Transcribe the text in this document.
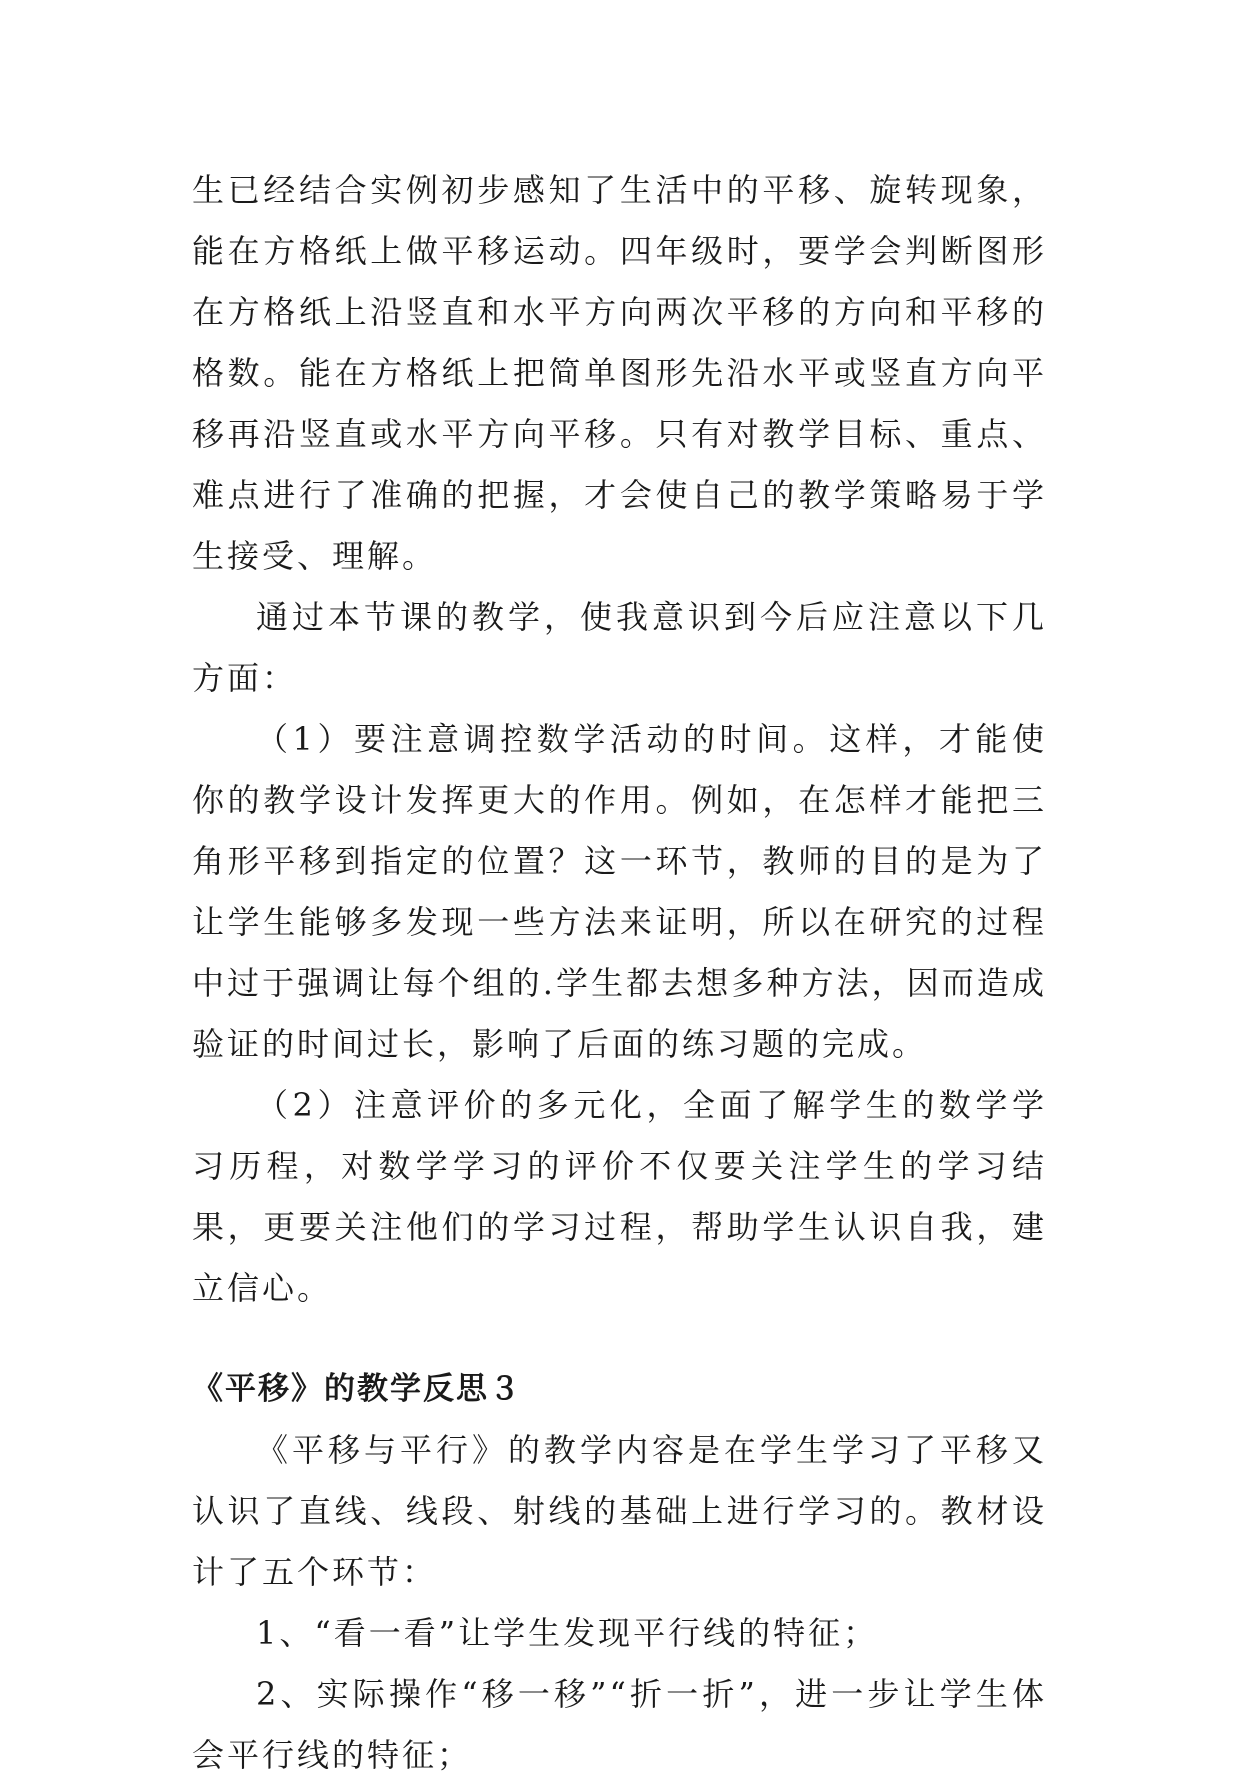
生已经结合实例初步感知了生活中的平移、旋转现象，能在方格纸上做平移运动。四年级时，要学会判断图形在方格纸上沿竖直和水平方向两次平移的方向和平移的格数。能在方格纸上把简单图形先沿水平或竖直方向平移再沿竖直或水平方向平移。只有对教学目标、重点、难点进行了准确的把握，才会使自己的教学策略易于学生接受、理解。

通过本节课的教学，使我意识到今后应注意以下几方面：

（1）要注意调控数学活动的时间。这样，才能使你的教学设计发挥更大的作用。例如，在怎样才能把三角形平移到指定的位置？这一环节，教师的目的是为了让学生能够多发现一些方法来证明，所以在研究的过程中过于强调让每个组的.学生都去想多种方法，因而造成验证的时间过长，影响了后面的练习题的完成。

（2）注意评价的多元化，全面了解学生的数学学习历程，对数学学习的评价不仅要关注学生的学习结果，更要关注他们的学习过程，帮助学生认识自我，建立信心。

《平移》的教学反思３

《平移与平行》的教学内容是在学生学习了平移又认识了直线、线段、射线的基础上进行学习的。教材设计了五个环节：

1、“看一看”让学生发现平行线的特征；

2、实际操作“移一移”“折一折”，进一步让学生体会平行线的特征；
